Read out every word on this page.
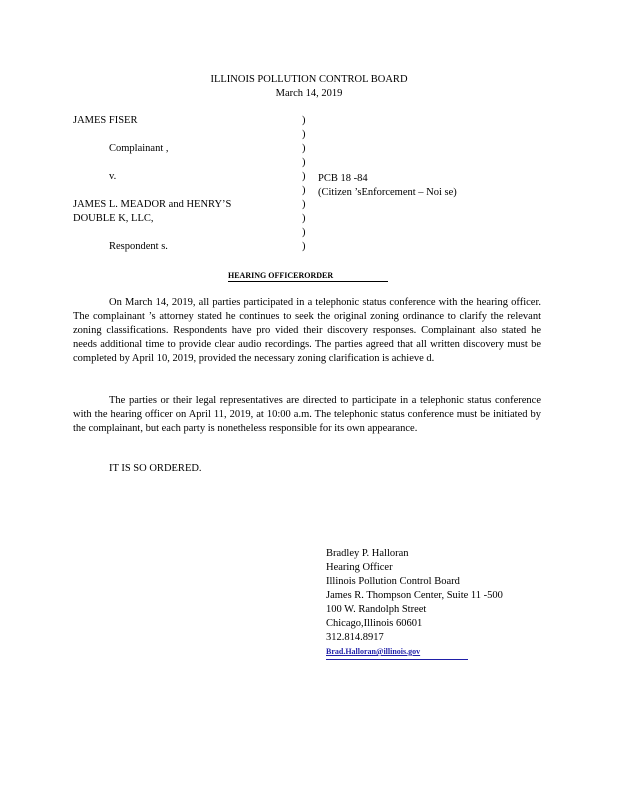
ILLINOIS POLLUTION CONTROL BOARD
March 14, 2019
JAMES FISER
Complainant ,
v.
JAMES L. MEADOR and HENRY’S
DOUBLE K, LLC,
Respondent s.
)
)
)
)
)
)
)
)
)
)
PCB 18 -84
(Citizen ’sEnforcement – Noi se)
HEARING OFFICERORDER
On March 14, 2019, all parties participated in a telephonic status conference with the hearing officer. The complainant ’s attorney stated he continues to seek the original zoning ordinance to clarify the relevant zoning classifications. Respondents have pro vided their discovery responses. Complainant also stated he needs additional time to provide clear audio recordings. The parties agreed that all written discovery must be completed by April 10, 2019, provided the necessary zoning clarification is achieve d.
The parties or their legal representatives are directed to participate in a telephonic status conference with the hearing officer on April 11, 2019, at 10:00 a.m. The telephonic status conference must be initiated by the complainant, but each party is nonetheless responsible for its own appearance.
IT IS SO ORDERED.
Bradley P. Halloran
Hearing Officer
Illinois Pollution Control Board
James R. Thompson Center, Suite 11 -500
100 W. Randolph Street
Chicago,Illinois 60601
312.814.8917
Brad.Halloran@illinois.gov
